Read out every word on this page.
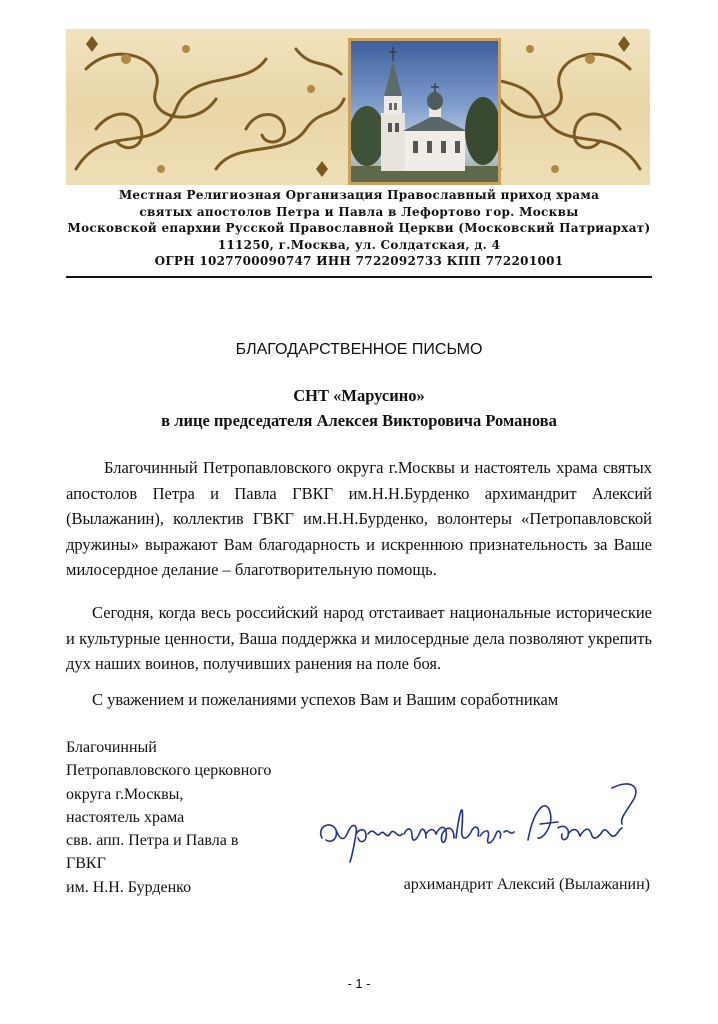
Местная Религиозная Организация Православный приход храма
святых апостолов Петра и Павла в Лефортово гор. Москвы
Московской епархии Русской Православной Церкви (Московский Патриархат)
111250, г.Москва, ул. Солдатская, д. 4
ОГРН 1027700090747 ИНН 7722092733 КПП 772201001
БЛАГОДАРСТВЕННОЕ ПИСЬМО
СНТ «Марусино»
в лице председателя Алексея Викторовича Романова

Благочинный Петропавловского округа г.Москвы и настоятель храма святых апостолов Петра и Павла ГВКГ им.Н.Н.Бурденко архимандрит Алексий (Вылажанин), коллектив ГВКГ им.Н.Н.Бурденко, волонтеры «Петропавловской дружины» выражают Вам благодарность и искреннюю признательность за Ваше милосердное делание – благотворительную помощь.

Сегодня, когда весь российский народ отстаивает национальные исторические и культурные ценности, Ваша поддержка и милосердные дела позволяют укрепить дух наших воинов, получивших ранения на поле боя.

С уважением и пожеланиями успехов Вам и Вашим соработникам

Благочинный
Петропавловского церковного
округа г.Москвы,
настоятель храма
свв. апп. Петра и Павла в
ГВКГ
им. Н.Н. Бурденко	архимандрит Алексий (Вылажанин)
- 1 -
